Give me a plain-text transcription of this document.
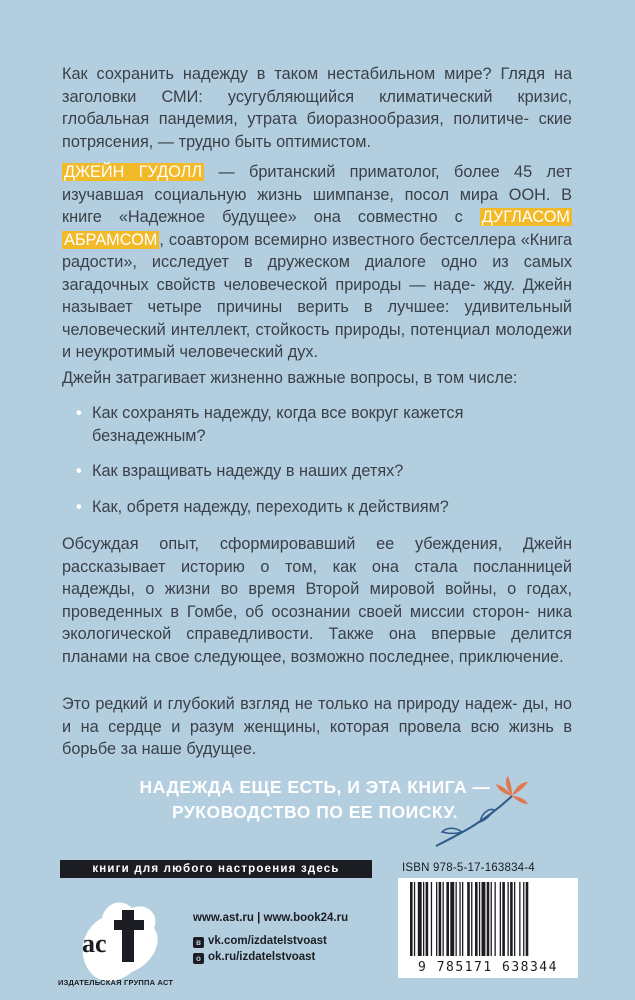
Как сохранить надежду в таком нестабильном мире? Глядя на заголовки СМИ: усугубляющийся климатический кризис, глобальная пандемия, утрата биоразнообразия, политиче- ские потрясения, — трудно быть оптимистом.
ДЖЕЙН ГУДОЛЛ — британский приматолог, более 45 лет изучавшая социальную жизнь шимпанзе, посол мира ООН. В книге «Надежное будущее» она совместно с ДУГЛАСОМ АБРАМСОМ , соавтором всемирно известного бестселлера «Книга радости», исследует в дружеском диалоге одно из самых загадочных свойств человеческой природы — наде- жду. Джейн называет четыре причины верить в лучшее: удивительный человеческий интеллект, стойкость природы, потенциал молодежи и неукротимый человеческий дух.
Джейн затрагивает жизненно важные вопросы, в том числе:
• Как сохранять надежду, когда все вокруг кажется
безнадежным?
• Как взращивать надежду в наших детях?
• Как, обретя надежду, переходить к действиям?
Обсуждая опыт, сформировавший ее убеждения, Джейн рассказывает историю о том, как она стала посланницей надежды, о жизни во время Второй мировой войны, о годах, проведенных в Гомбе, об осознании своей миссии сторон- ника экологической справедливости. Также она впервые делится планами на свое следующее, возможно последнее, приключение.
Это редкий и глубокий взгляд не только на природу надеж- ды, но и на сердце и разум женщины, которая провела всю жизнь в борьбе за наше будущее.
НАДЕЖДА ЕЩЕ ЕСТЬ, И ЭТА КНИГА —
РУКОВОДСТВО ПО ЕЕ ПОИСКУ.
книги для любого настроения здесь	ISBN 978-5-17-163834-4
9 785171 638344
ac
ИЗДАТЕЛЬСКАЯ ГРУППА АСТ
www.ast.ru | www.book24.ru
в vk.com/izdatelstvoast
о ok.ru/izdatelstvoast
